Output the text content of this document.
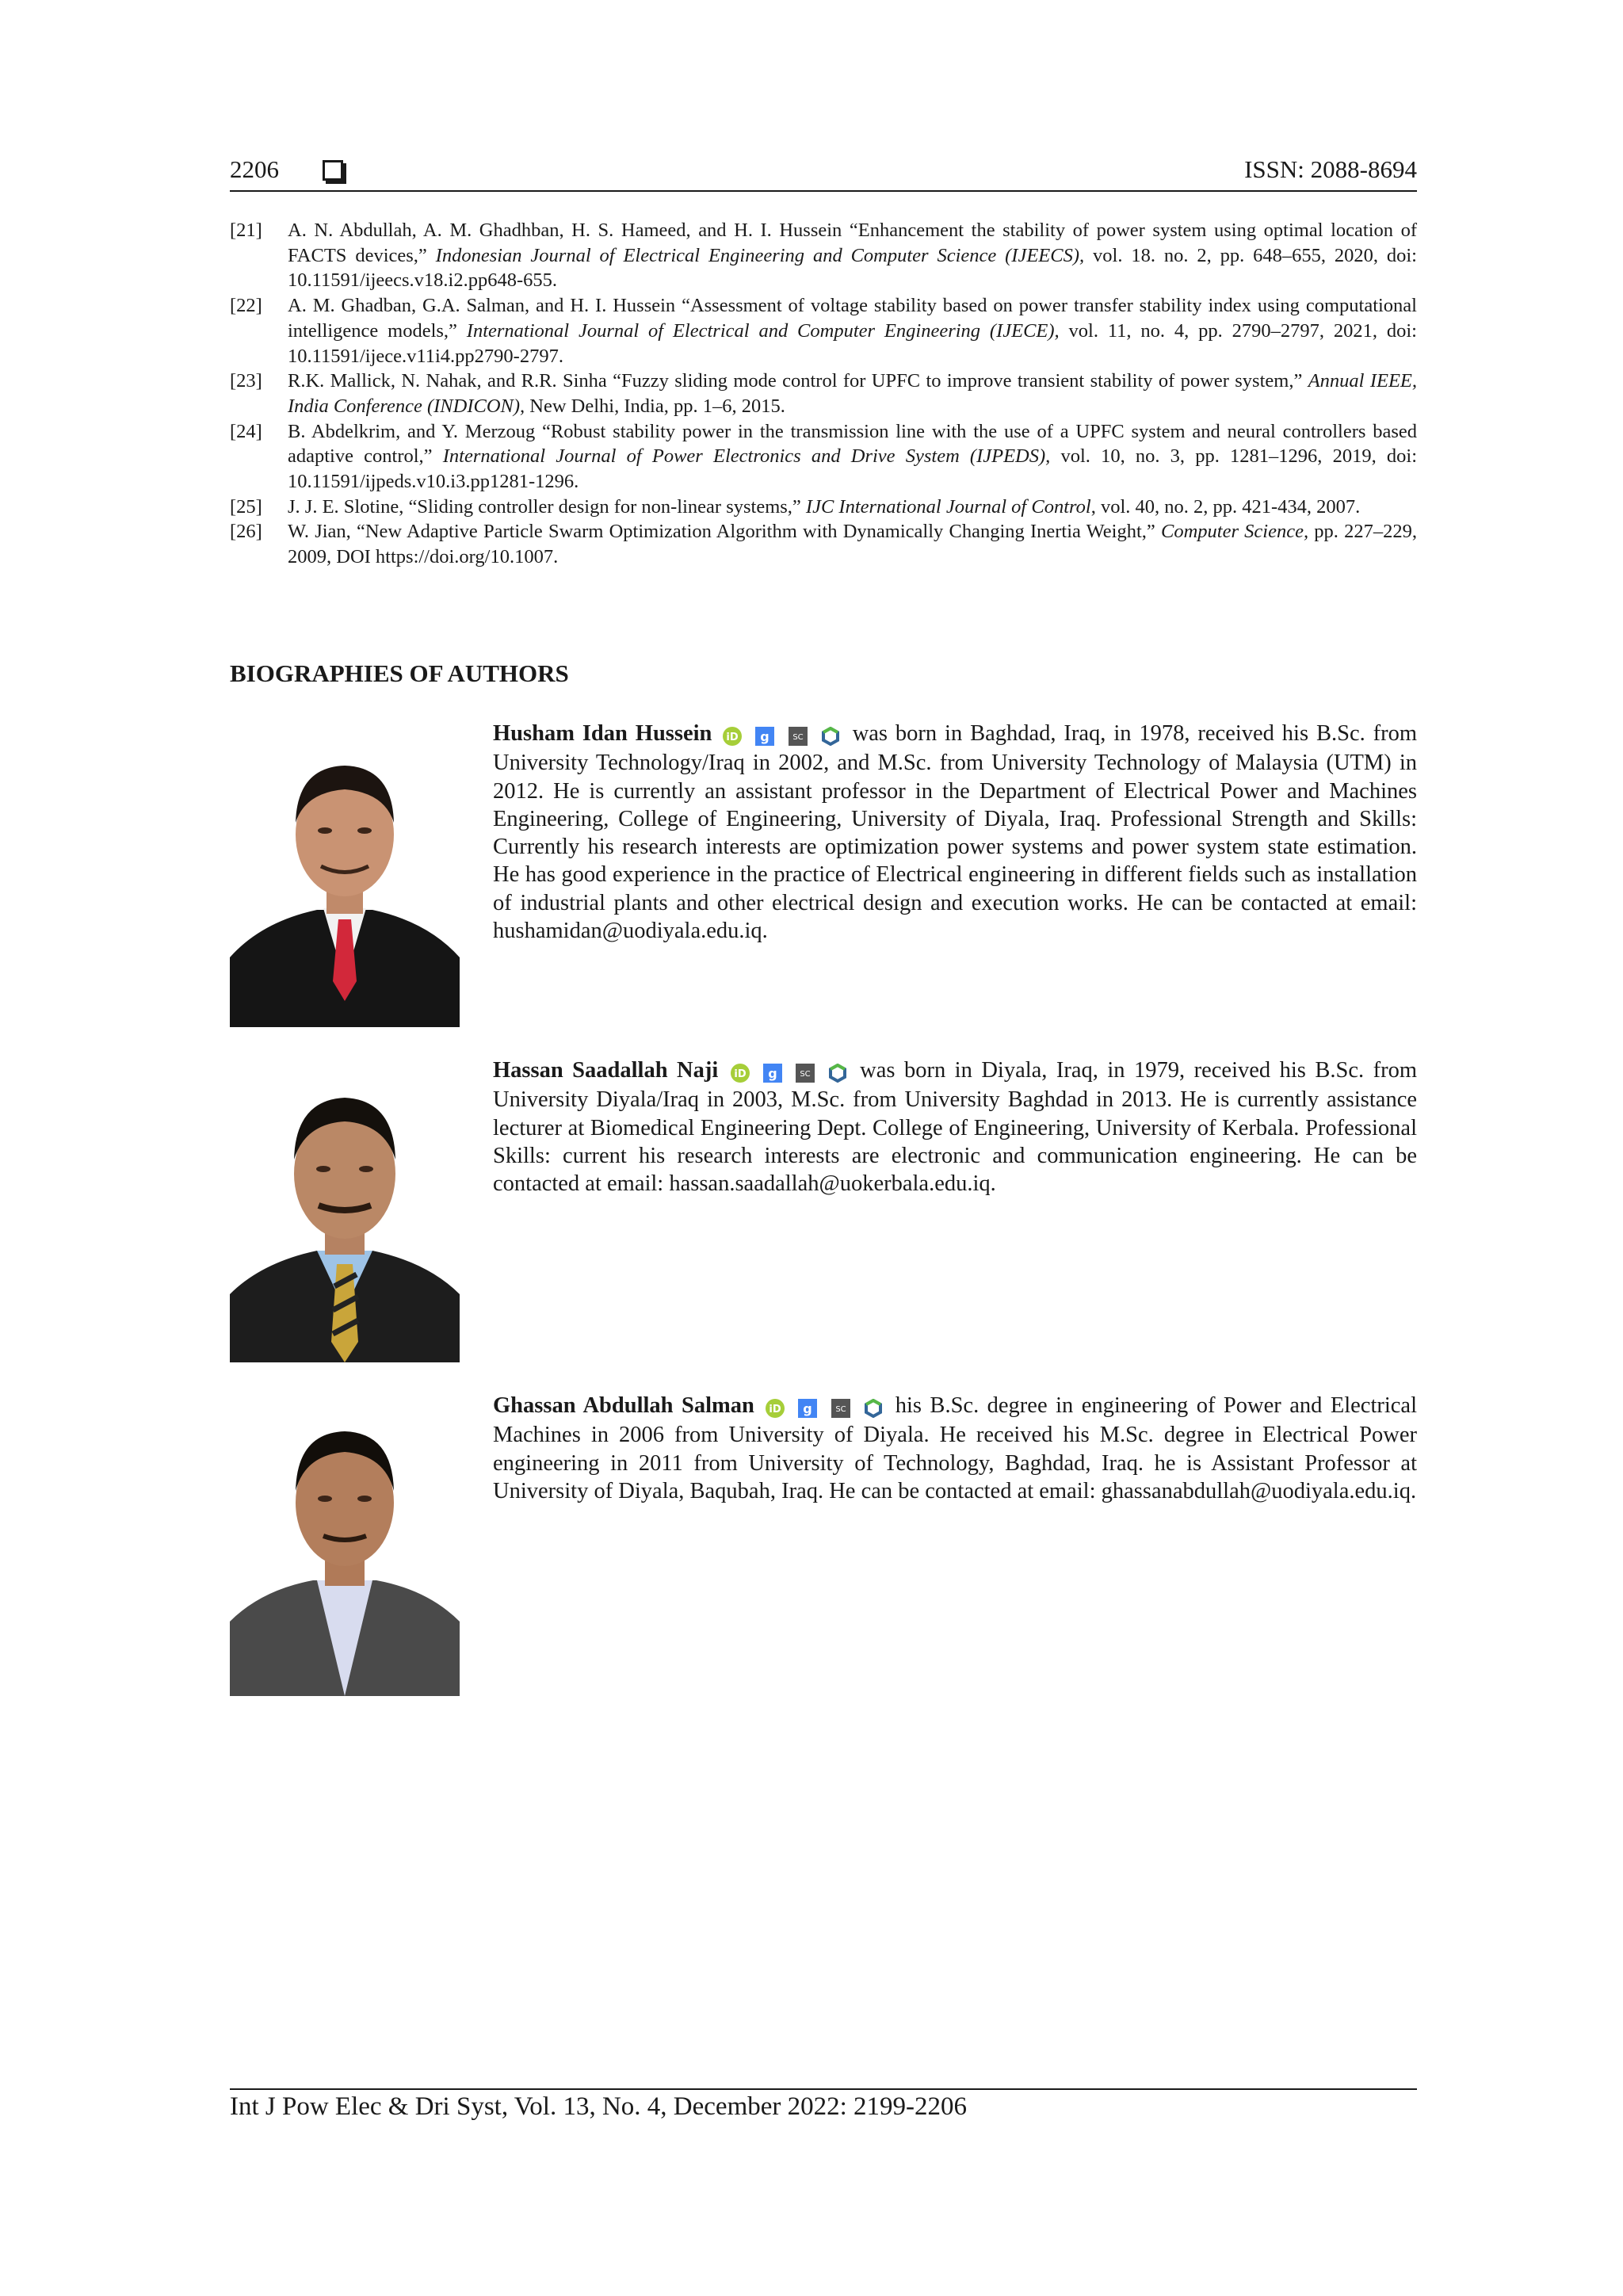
2206	ISSN: 2088-8694
[21] A. N. Abdullah, A. M. Ghadhban, H. S. Hameed, and H. I. Hussein “Enhancement the stability of power system using optimal location of FACTS devices,” Indonesian Journal of Electrical Engineering and Computer Science (IJEECS), vol. 18. no. 2, pp. 648–655, 2020, doi: 10.11591/ijeecs.v18.i2.pp648-655.
[22] A. M. Ghadban, G.A. Salman, and H. I. Hussein “Assessment of voltage stability based on power transfer stability index using computational intelligence models,” International Journal of Electrical and Computer Engineering (IJECE), vol. 11, no. 4, pp. 2790–2797, 2021, doi: 10.11591/ijece.v11i4.pp2790-2797.
[23] R.K. Mallick, N. Nahak, and R.R. Sinha “Fuzzy sliding mode control for UPFC to improve transient stability of power system,” Annual IEEE, India Conference (INDICON), New Delhi, India, pp. 1–6, 2015.
[24] B. Abdelkrim, and Y. Merzoug “Robust stability power in the transmission line with the use of a UPFC system and neural controllers based adaptive control,” International Journal of Power Electronics and Drive System (IJPEDS), vol. 10, no. 3, pp. 1281–1296, 2019, doi: 10.11591/ijpeds.v10.i3.pp1281-1296.
[25] J. J. E. Slotine, “Sliding controller design for non-linear systems,” IJC International Journal of Control, vol. 40, no. 2, pp. 421-434, 2007.
[26] W. Jian, “New Adaptive Particle Swarm Optimization Algorithm with Dynamically Changing Inertia Weight,” Computer Science, pp. 227–229, 2009, DOI https://doi.org/10.1007.
BIOGRAPHIES OF AUTHORS
Husham Idan Hussein iD
g
	SC
was born in Baghdad, Iraq, in 1978, received his B.Sc. from University Technology/Iraq in 2002, and M.Sc. from University Technology of Malaysia (UTM) in 2012. He is currently an assistant professor in the Department of Electrical Power and Machines Engineering, College of Engineering, University of Diyala, Iraq. Professional Strength and Skills: Currently his research interests are optimization power systems and power system state estimation. He has good experience in the practice of Electrical engineering in different fields such as installation of industrial plants and other electrical design and execution works. He can be contacted at email: hushamidan@uodiyala.edu.iq.
Hassan Saadallah Naji iD
g
	SC
was born in Diyala, Iraq, in 1979, received his B.Sc. from University Diyala/Iraq in 2003, M.Sc. from University Baghdad in 2013. He is currently assistance lecturer at Biomedical Engineering Dept. College of Engineering, University of Kerbala. Professional Skills: current his research interests are electronic and communication engineering. He can be contacted at email: hassan.saadallah@uokerbala.edu.iq.
Ghassan Abdullah Salman iD
g
	SC
his B.Sc. degree in engineering of Power and Electrical Machines in 2006 from University of Diyala. He received his M.Sc. degree in Electrical Power engineering in 2011 from University of Technology, Baghdad, Iraq. he is Assistant Professor at University of Diyala, Baqubah, Iraq. He can be contacted at email: ghassanabdullah@uodiyala.edu.iq.
Int J Pow Elec & Dri Syst, Vol. 13, No. 4, December 2022: 2199-2206
